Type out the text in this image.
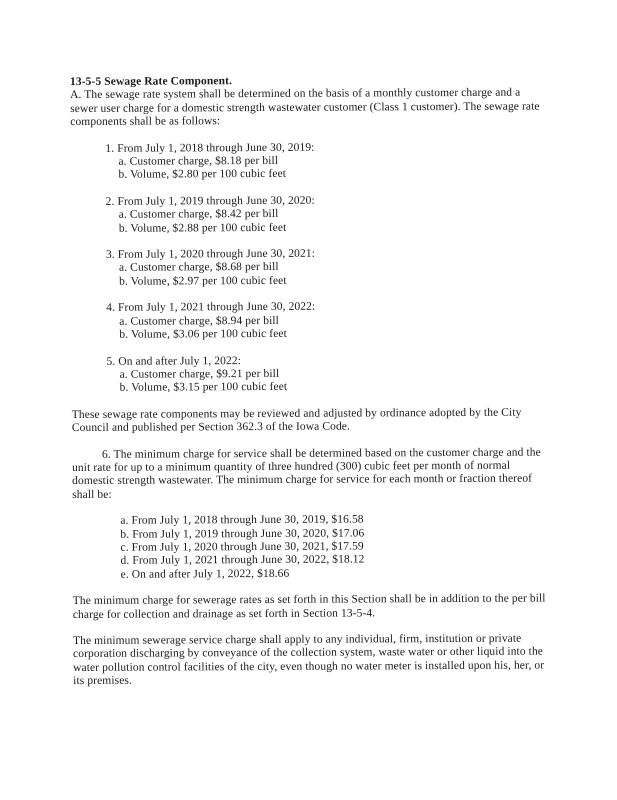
13-5-5 Sewage Rate Component.

A. The sewage rate system shall be determined on the basis of a monthly customer charge and a sewer user charge for a domestic strength wastewater customer (Class 1 customer). The sewage rate components shall be as follows:

1. From July 1, 2018 through June 30, 2019:

a. Customer charge, $8.18 per bill

b. Volume, $2.80 per 100 cubic feet

2. From July 1, 2019 through June 30, 2020:

a. Customer charge, $8.42 per bill

b. Volume, $2.88 per 100 cubic feet

3. From July 1, 2020 through June 30, 2021:

a. Customer charge, $8.68 per bill

b. Volume, $2.97 per 100 cubic feet

4. From July 1, 2021 through June 30, 2022:

a. Customer charge, $8.94 per bill

b. Volume, $3.06 per 100 cubic feet

5. On and after July 1, 2022:

a. Customer charge, $9.21 per bill

b. Volume, $3.15 per 100 cubic feet

These sewage rate components may be reviewed and adjusted by ordinance adopted by the City Council and published per Section 362.3 of the Iowa Code.

6. The minimum charge for service shall be determined based on the customer charge and the unit rate for up to a minimum quantity of three hundred (300) cubic feet per month of normal domestic strength wastewater. The minimum charge for service for each month or fraction thereof shall be:

a. From July 1, 2018 through June 30, 2019, $16.58

b. From July 1, 2019 through June 30, 2020, $17.06

c. From July 1, 2020 through June 30, 2021, $17.59

d. From July 1, 2021 through June 30, 2022, $18.12

e. On and after July 1, 2022, $18.66

The minimum charge for sewerage rates as set forth in this Section shall be in addition to the per bill charge for collection and drainage as set forth in Section 13-5-4.

The minimum sewerage service charge shall apply to any individual, firm, institution or private corporation discharging by conveyance of the collection system, waste water or other liquid into the water pollution control facilities of the city, even though no water meter is installed upon his, her, or its premises.
